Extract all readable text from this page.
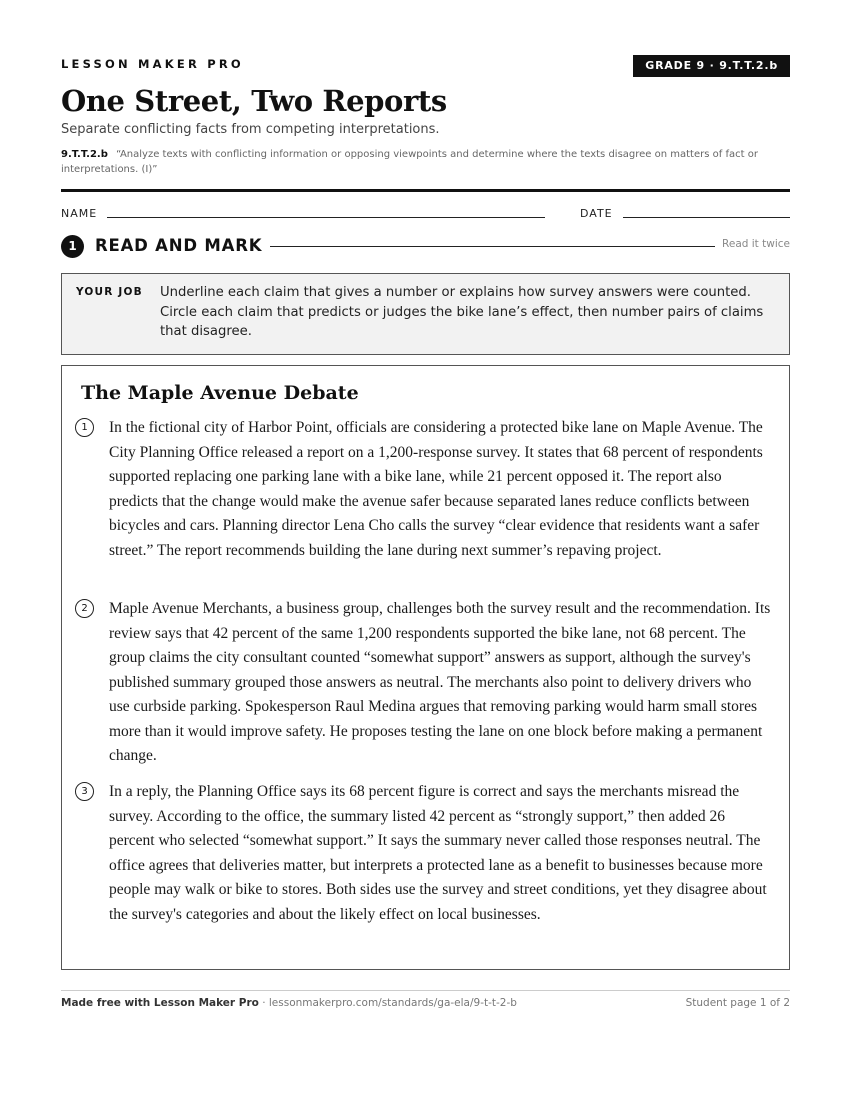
LESSON MAKER PRO	GRADE 9 · 9.T.T.2.b
One Street, Two Reports
Separate conflicting facts from competing interpretations.
9.T.T.2.b “Analyze texts with conflicting information or opposing viewpoints and determine where the texts disagree on matters of fact or interpretations. (I)”
NAME	DATE
1	READ AND MARK	Read it twice
YOUR JOB Underline each claim that gives a number or explains how survey answers were counted. Circle each claim that predicts or judges the bike lane’s effect, then number pairs of claims that disagree.
The Maple Avenue Debate
1	In the fictional city of Harbor Point, officials are considering a protected bike lane on Maple Avenue. The City Planning Office released a report on a 1,200-response survey. It states that 68 percent of respondents supported replacing one parking lane with a bike lane, while 21 percent opposed it. The report also predicts that the change would make the avenue safer because separated lanes reduce conflicts between bicycles and cars. Planning director Lena Cho calls the survey “clear evidence that residents want a safer street.” The report recommends building the lane during next summer’s repaving project.
2	Maple Avenue Merchants, a business group, challenges both the survey result and the recommendation. Its review says that 42 percent of the same 1,200 respondents supported the bike lane, not 68 percent. The group claims the city consultant counted “somewhat support” answers as support, although the survey's published summary grouped those answers as neutral. The merchants also point to delivery drivers who use curbside parking. Spokesperson Raul Medina argues that removing parking would harm small stores more than it would improve safety. He proposes testing the lane on one block before making a permanent change.
3	In a reply, the Planning Office says its 68 percent figure is correct and says the merchants misread the survey. According to the office, the summary listed 42 percent as “strongly support,” then added 26 percent who selected “somewhat support.” It says the summary never called those responses neutral. The office agrees that deliveries matter, but interprets a protected lane as a benefit to businesses because more people may walk or bike to stores. Both sides use the survey and street conditions, yet they disagree about the survey's categories and about the likely effect on local businesses.
Made free with Lesson Maker Pro · lessonmakerpro.com/standards/ga-ela/9-t-t-2-b	Student page 1 of 2
